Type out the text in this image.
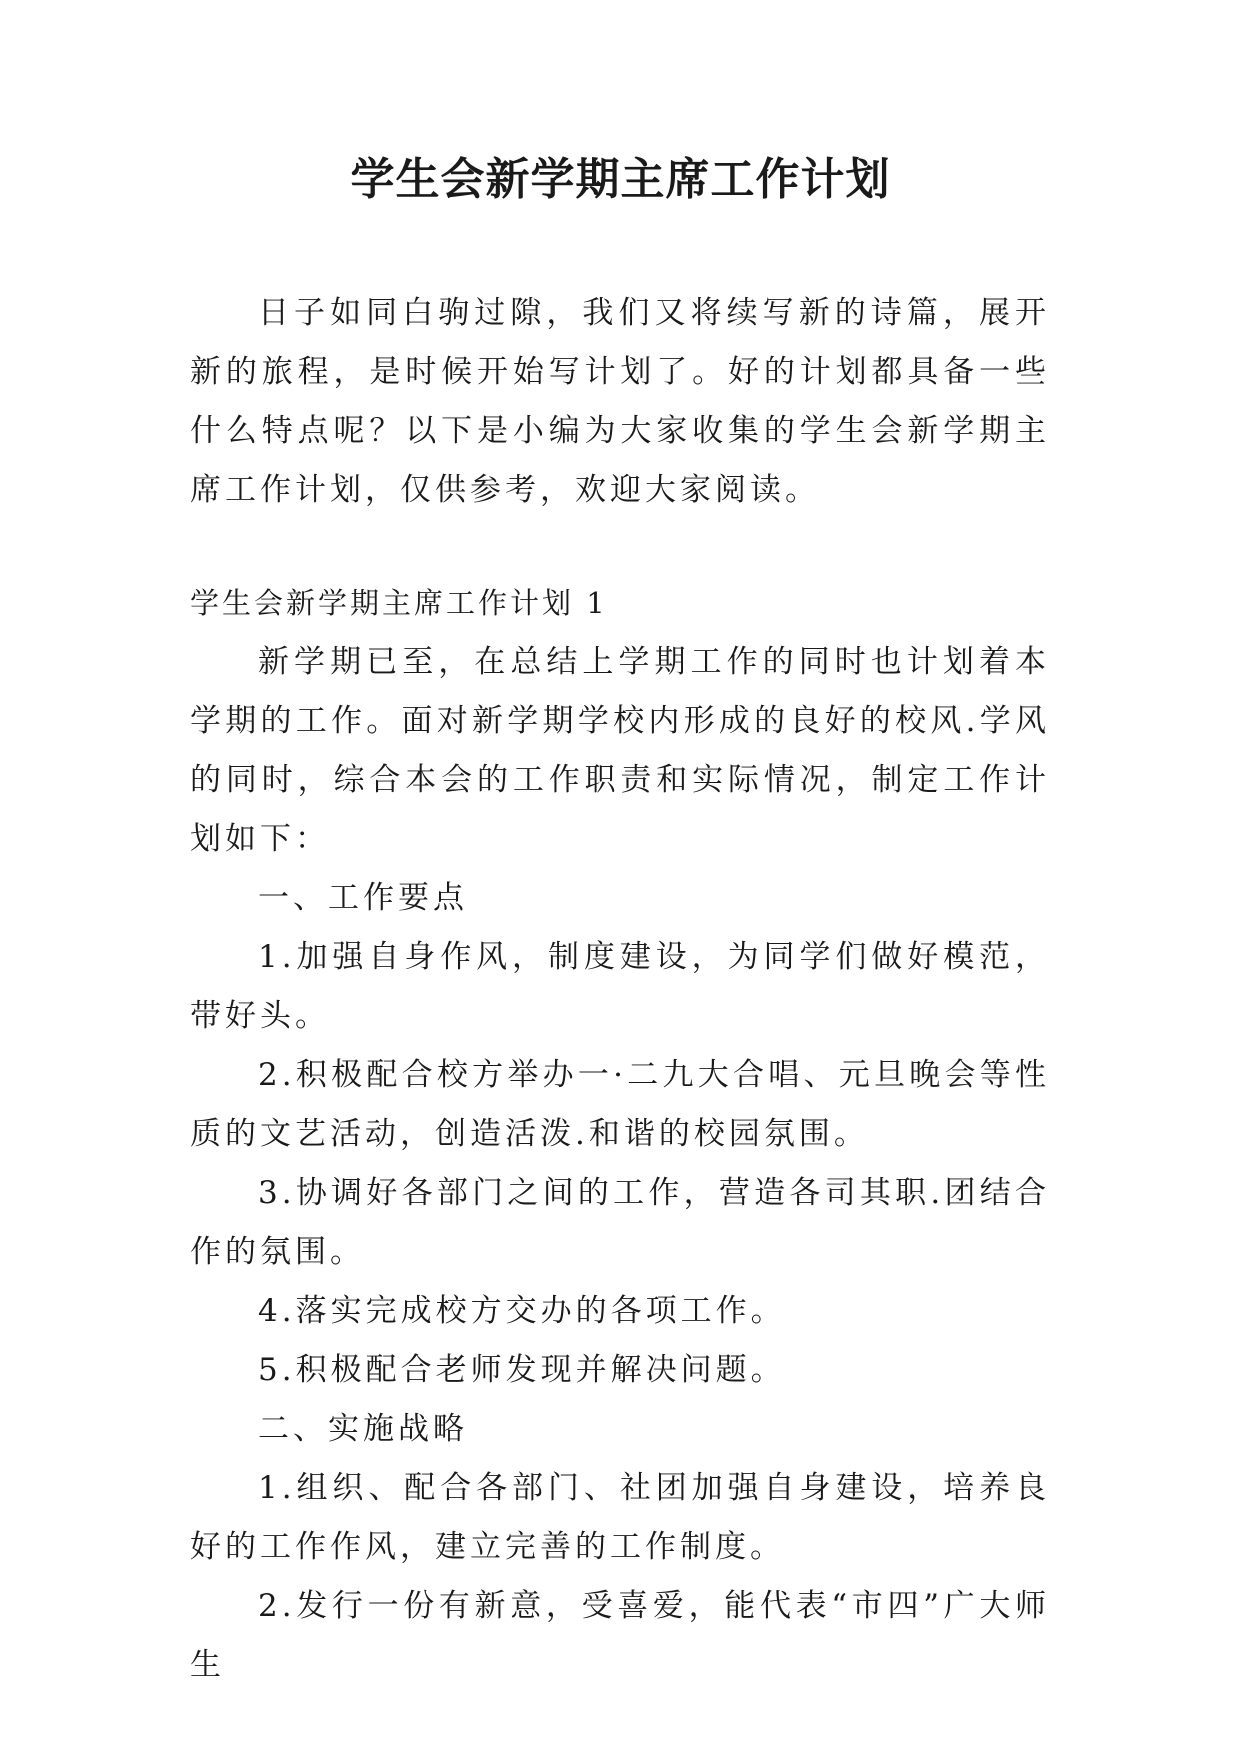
学生会新学期主席工作计划

日子如同白驹过隙，我们又将续写新的诗篇，展开新的旅程，是时候开始写计划了。好的计划都具备一些什么特点呢？以下是小编为大家收集的学生会新学期主席工作计划，仅供参考，欢迎大家阅读。

学生会新学期主席工作计划 1

新学期已至，在总结上学期工作的同时也计划着本学期的工作。面对新学期学校内形成的良好的校风.学风的同时，综合本会的工作职责和实际情况，制定工作计划如下：

一、工作要点

1.加强自身作风，制度建设，为同学们做好模范，带好头。

2.积极配合校方举办一·二九大合唱、元旦晚会等性质的文艺活动，创造活泼.和谐的校园氛围。

3.协调好各部门之间的工作，营造各司其职.团结合作的氛围。

4.落实完成校方交办的各项工作。

5.积极配合老师发现并解决问题。

二、实施战略

1.组织、配合各部门、社团加强自身建设，培养良好的工作作风，建立完善的工作制度。

2.发行一份有新意，受喜爱，能代表“市四”广大师生
